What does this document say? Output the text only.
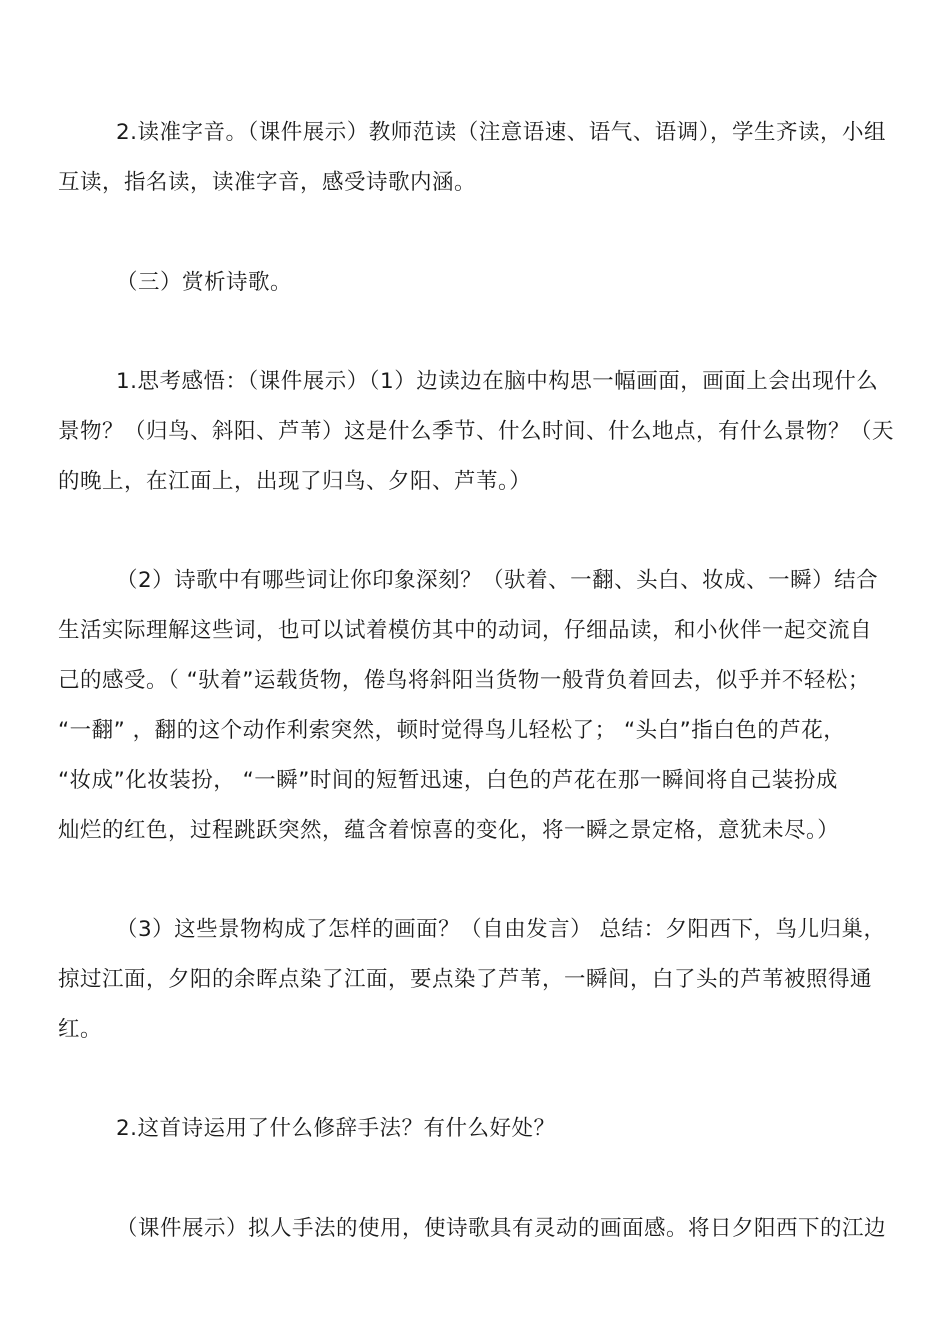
2.读准字音。（课件展示）教师范读（注意语速、语气、语调），学生齐读，小组
互读，指名读，读准字音，感受诗歌内涵。
（三）赏析诗歌。
1.思考感悟：（课件展示）（1）边读边在脑中构思一幅画面，画面上会出现什么
景物？（归鸟、斜阳、芦苇）这是什么季节、什么时间、什么地点，有什么景物？（天
的晚上，在江面上，出现了归鸟、夕阳、芦苇。）
（2）诗歌中有哪些词让你印象深刻？（驮着、一翻、头白、妆成、一瞬）结合
生活实际理解这些词，也可以试着模仿其中的动词，仔细品读，和小伙伴一起交流自
己的感受。（ “驮着”运载货物，倦鸟将斜阳当货物一般背负着回去，似乎并不轻松；
“一翻” ，翻的这个动作利索突然，顿时觉得鸟儿轻松了； “头白”指白色的芦花，
“妆成”化妆装扮， “一瞬”时间的短暂迅速，白色的芦花在那一瞬间将自己装扮成
灿烂的红色，过程跳跃突然，蕴含着惊喜的变化，将一瞬之景定格，意犹未尽。）
（3）这些景物构成了怎样的画面？（自由发言） 总结：夕阳西下，鸟儿归巢，
掠过江面，夕阳的余晖点染了江面，要点染了芦苇，一瞬间，白了头的芦苇被照得通
红。
2.这首诗运用了什么修辞手法？有什么好处？
（课件展示）拟人手法的使用，使诗歌具有灵动的画面感。将日夕阳西下的江边
